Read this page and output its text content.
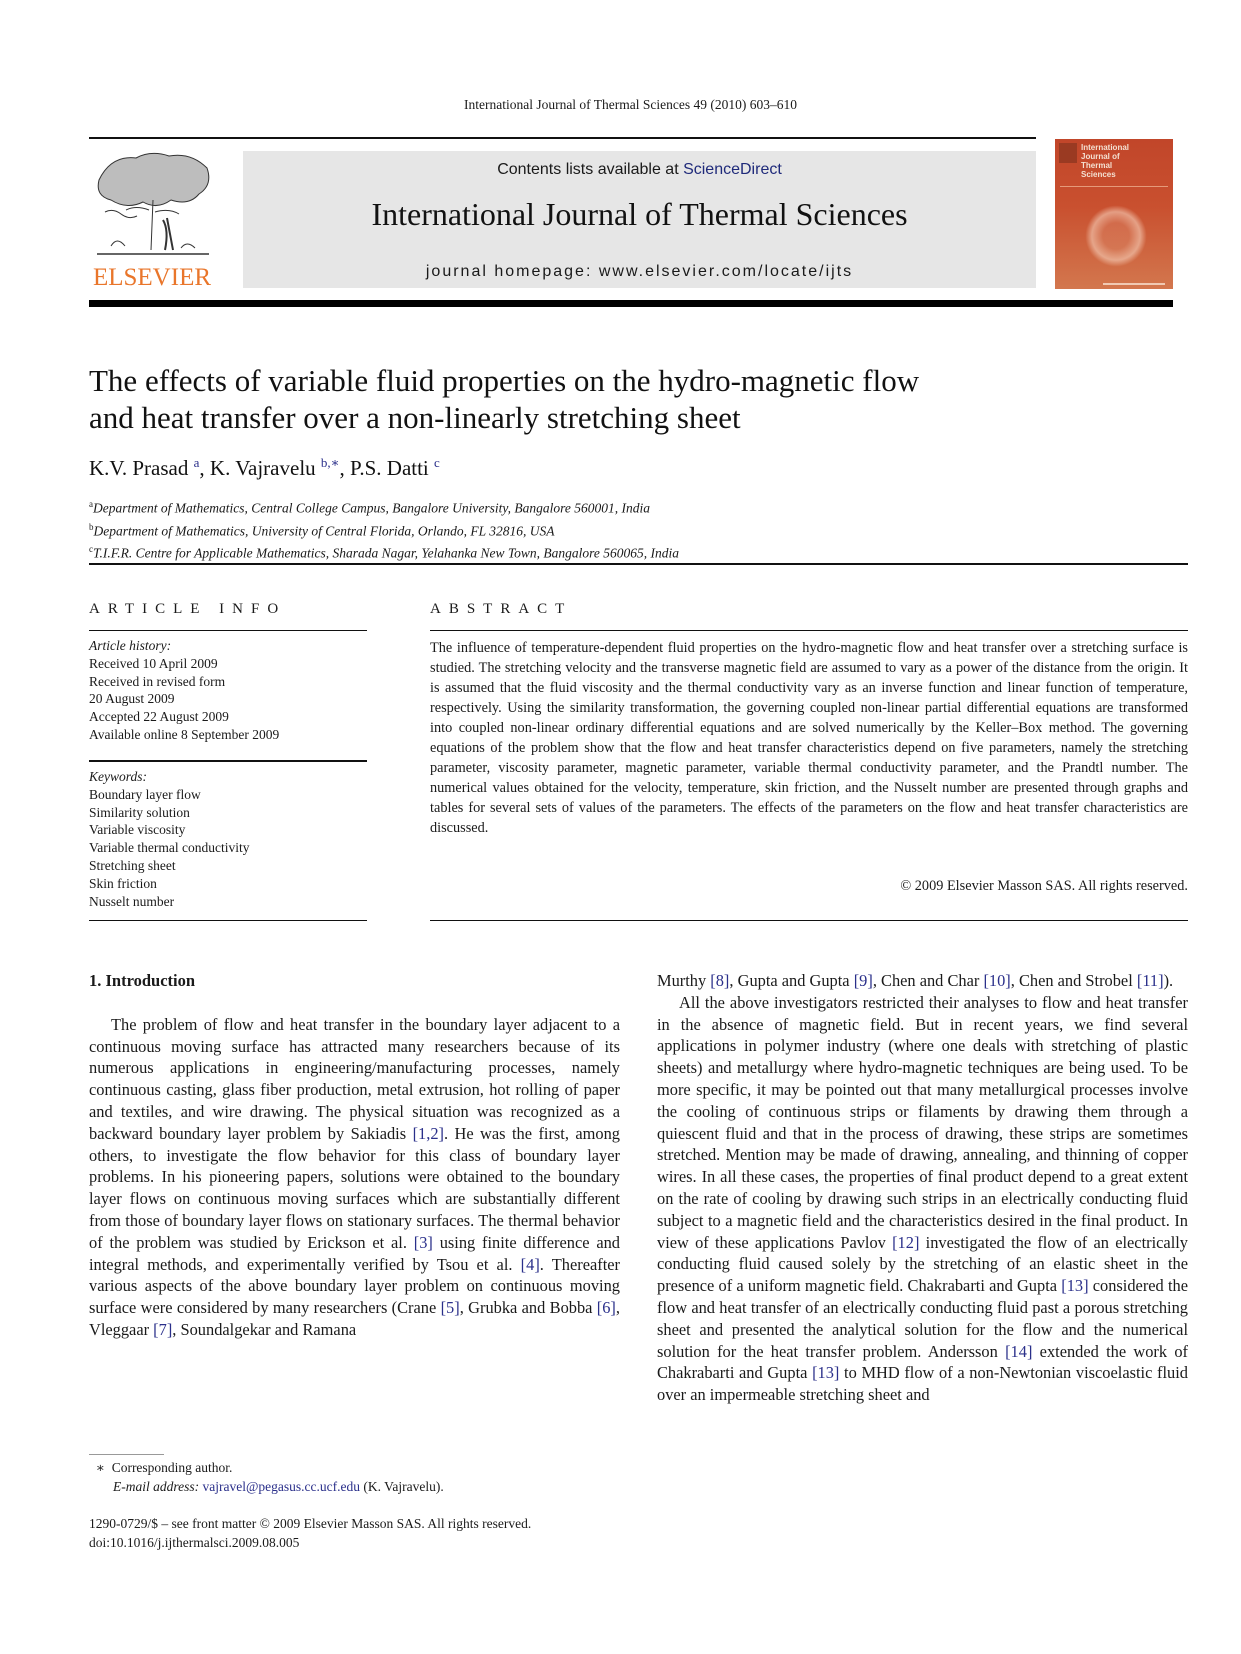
International Journal of Thermal Sciences 49 (2010) 603–610
ELSEVIER
Contents lists available at ScienceDirect
International Journal of Thermal Sciences
journal homepage: www.elsevier.com/locate/ijts
International
Journal of
Thermal
Sciences
The effects of variable fluid properties on the hydro-magnetic flow
and heat transfer over a non-linearly stretching sheet
K.V. Prasad $^a$, K. Vajravelu $^{b,∗}$, P.S. Datti $^c$
$^a$Department of Mathematics, Central College Campus, Bangalore University, Bangalore 560001, India
$^b$Department of Mathematics, University of Central Florida, Orlando, FL 32816, USA
$^c$T.I.F.R. Centre for Applicable Mathematics, Sharada Nagar, Yelahanka New Town, Bangalore 560065, India
ARTICLE INFO
Article history:
Received 10 April 2009
Received in revised form
20 August 2009
Accepted 22 August 2009
Available online 8 September 2009
Keywords:
Boundary layer flow
Similarity solution
Variable viscosity
Variable thermal conductivity
Stretching sheet
Skin friction
Nusselt number
ABSTRACT
The influence of temperature-dependent fluid properties on the hydro-magnetic flow and heat transfer over a stretching surface is studied. The stretching velocity and the transverse magnetic field are assumed to vary as a power of the distance from the origin. It is assumed that the fluid viscosity and the thermal conductivity vary as an inverse function and linear function of temperature, respectively. Using the similarity transformation, the governing coupled non-linear partial differential equations are transformed into coupled non-linear ordinary differential equations and are solved numerically by the Keller–Box method. The governing equations of the problem show that the flow and heat transfer characteristics depend on five parameters, namely the stretching parameter, viscosity parameter, magnetic parameter, variable thermal conductivity parameter, and the Prandtl number. The numerical values obtained for the velocity, temperature, skin friction, and the Nusselt number are presented through graphs and tables for several sets of values of the parameters. The effects of the parameters on the flow and heat transfer characteristics are discussed.
© 2009 Elsevier Masson SAS. All rights reserved.
1. Introduction

The problem of flow and heat transfer in the boundary layer adjacent to a continuous moving surface has attracted many researchers because of its numerous applications in engineering/manufacturing processes, namely continuous casting, glass fiber production, metal extrusion, hot rolling of paper and textiles, and wire drawing. The physical situation was recognized as a backward boundary layer problem by Sakiadis [1,2]. He was the first, among others, to investigate the flow behavior for this class of boundary layer problems. In his pioneering papers, solutions were obtained to the boundary layer flows on continuous moving surfaces which are substantially different from those of boundary layer flows on stationary surfaces. The thermal behavior of the problem was studied by Erickson et al. [3] using finite difference and integral methods, and experimentally verified by Tsou et al. [4]. Thereafter various aspects of the above boundary layer problem on continuous moving surface were considered by many researchers (Crane [5], Grubka and Bobba [6], Vleggaar [7], Soundalgekar and Ramana

Murthy [8], Gupta and Gupta [9], Chen and Char [10], Chen and Strobel [11]).

All the above investigators restricted their analyses to flow and heat transfer in the absence of magnetic field. But in recent years, we find several applications in polymer industry (where one deals with stretching of plastic sheets) and metallurgy where hydro-magnetic techniques are being used. To be more specific, it may be pointed out that many metallurgical processes involve the cooling of continuous strips or filaments by drawing them through a quiescent fluid and that in the process of drawing, these strips are sometimes stretched. Mention may be made of drawing, annealing, and thinning of copper wires. In all these cases, the properties of final product depend to a great extent on the rate of cooling by drawing such strips in an electrically conducting fluid subject to a magnetic field and the characteristics desired in the final product. In view of these applications Pavlov [12] investigated the flow of an electrically conducting fluid caused solely by the stretching of an elastic sheet in the presence of a uniform magnetic field. Chakrabarti and Gupta [13] considered the flow and heat transfer of an electrically conducting fluid past a porous stretching sheet and presented the analytical solution for the flow and the numerical solution for the heat transfer problem. Andersson [14] extended the work of Chakrabarti and Gupta [13] to MHD flow of a non-Newtonian viscoelastic fluid over an impermeable stretching sheet and

∗ Corresponding author.
E-mail address: vajravel@pegasus.cc.ucf.edu (K. Vajravelu).
1290-0729/$ – see front matter © 2009 Elsevier Masson SAS. All rights reserved.
doi:10.1016/j.ijthermalsci.2009.08.005
